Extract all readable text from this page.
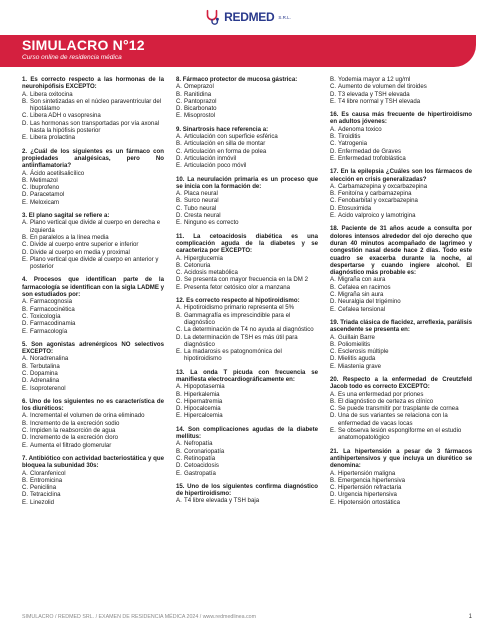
REDMED S.R.L.
SIMULACRO N°12
Curso online de residencia médica
1. Es correcto respecto a las hormonas de la neurohipófisis EXCEPTO:
A. Libera oxitocina
B. Son sintetizadas en el núcleo paraventricular del hipotálamo
C. Libera ADH o vasopresina
D. Las hormonas son transportadas por vía axonal hasta la hipófisis posterior
E. Libera prolactina
2. ¿Cuál de los siguientes es un fármaco con propiedades analgésicas, pero No antiinflamatoria?
A. Ácido acetilsalicílico
B. Metimazol
C. Ibuprofeno
D. Paracetamol
E. Meloxicam
3. El plano sagital se refiere a:
A. Plano vertical que divide al cuerpo en derecha e izquierda
B. En paralelos a la línea media
C. Divide al cuerpo entre superior e inferior
D. Divide al cuerpo en media y proximal
E. Plano vertical que divide al cuerpo en anterior y posterior
4. Procesos que identifican parte de la farmacología se identifican con la sigla LADME y son estudiados por:
A. Farmacognosia
B. Farmacocinética
C. Toxicología
D. Farmacodinamia
E. Farmacología
5. Son agonistas adrenérgicos NO selectivos EXCEPTO:
A. Noradrenalina
B. Terbutalina
C. Dopamina
D. Adrenalina
E. Isoproterenol
6. Uno de los siguientes no es característica de los diuréticos:
A. Incremental el volumen de orina eliminado
B. Incremento de la excreción sodio
C. Impiden la reabsorción de agua
D. Incremento de la excreción cloro
E. Aumenta el filtrado glomerular
7. Antibiótico con actividad bacteriostática y que bloquea la subunidad 30s:
A. Cloranfenicol
B. Entromicina
C. Penicilina
D. Tetraciclina
E. Linezolid
8. Fármaco protector de mucosa gástrica:
A. Omeprazol
B. Ranitidina
C. Pantoprazol
D. Bicarbonato
E. Misoprostol
9. Sinartrosis hace referencia a:
A. Articulación con superficie esférica
B. Articulación en silla de montar
C. Articulación en forma de polea
D. Articulación inmóvil
E. Articulación poco móvil
10. La neurulación primaria es un proceso que se inicia con la formación de:
A. Placa neural
B. Surco neural
C. Tubo neural
D. Cresta neural
E. Ninguno es correcto
11. La cetoacidosis diabética es una complicación aguda de la diabetes y se caracteriza por EXCEPTO:
A. Hiperglucemia
B. Cetonuria
C. Acidosis metabólica
D. Se presenta con mayor frecuencia en la DM 2
E. Presenta fetor cetósico olor a manzana
12. Es correcto respecto al hipotiroidismo:
A. Hipotiroidismo primario representa el 5%
B. Gammagrafía es imprescindible para el diagnóstico
C. La determinación de T4 no ayuda al diagnóstico
D. La determinación de TSH es más útil para diagnóstico
E. La madarosis es patognomónica del hipotiroidismo
13. La onda T picuda con frecuencia se manifiesta electrocardiográficamente en:
A. Hipopotasemia
B. Hiperkalemia
C. Hipernatremia
D. Hipocalcemia
E. Hipercalcemia
14. Son complicaciones agudas de la diabete mellitus:
A. Nefropatía
B. Coronariopatía
C. Retinopatía
D. Cetoacidosis
E. Gastropatía
15. Uno de los siguientes confirma diagnóstico de hipertiroidismo:
A. T4 libre elevada y TSH baja
B. Yodemia mayor a 12 ug/ml
C. Aumento de volumen del tiroides
D. T3 elevada y TSH elevada
E. T4 libre normal y TSH elevada
16. Es causa más frecuente de hipertiroidismo en adultos jóvenes:
A. Adenoma toxico
B. Tiroiditis
C. Yatrogenia
D. Enfermedad de Graves
E. Enfermedad trofoblástica
17. En la epilepsia ¿Cuáles son los fármacos de elección en crisis generalizadas?
A. Carbamazepina y oxcarbazepina
B. Fenitoína y carbamazepina
C. Fenobarbital y oxcarbazepina
D. Etosuximida
E. Acido valproico y lamotrigina
18. Paciente de 31 años acude a consulta por dolores intensos alrededor del ojo derecho que duran 40 minutos acompañado de lagrimeo y congestión nasal desde hace 2 días. Todo este cuadro se exacerba durante la noche, al despertarse y cuando ingiere alcohol. El diagnóstico más probable es:
A. Migraña con aura
B. Cefalea en racimos
C. Migraña sin aura
D. Neuralgia del trigémino
E. Cefalea tensional
19. Triada clásica de flacidez, arreflexia, parálisis ascendente se presenta en:
A. Guillain Barre
B. Poliomielitis
C. Esclerosis múltiple
D. Mielitis aguda
E. Miastenia grave
20. Respecto a la enfermedad de Creutzfeld Jacob todo es correcto EXCEPTO:
A. Es una enfermedad por priones
B. El diagnóstico de certeza es clínico
C. Se puede transmitir por trasplante de cornea
D. Una de sus variantes se relaciona con la enfermedad de vacas locas
E. Se observa lesión espongiforme en el estudio anatomopatológico
21. La hipertensión a pesar de 3 fármacos antihipertensivos y que incluya un diurético se denomina:
A. Hipertensión maligna
B. Emergencia hipertensiva
C. Hipertensión refractaria
D. Urgencia hipertensiva
E. Hipotensión ortostática
SIMULACRO / REDMED SRL. / EXAMEN DE RESIDENCIA MÉDICA 2024 / www.redmedlinea.com	1
